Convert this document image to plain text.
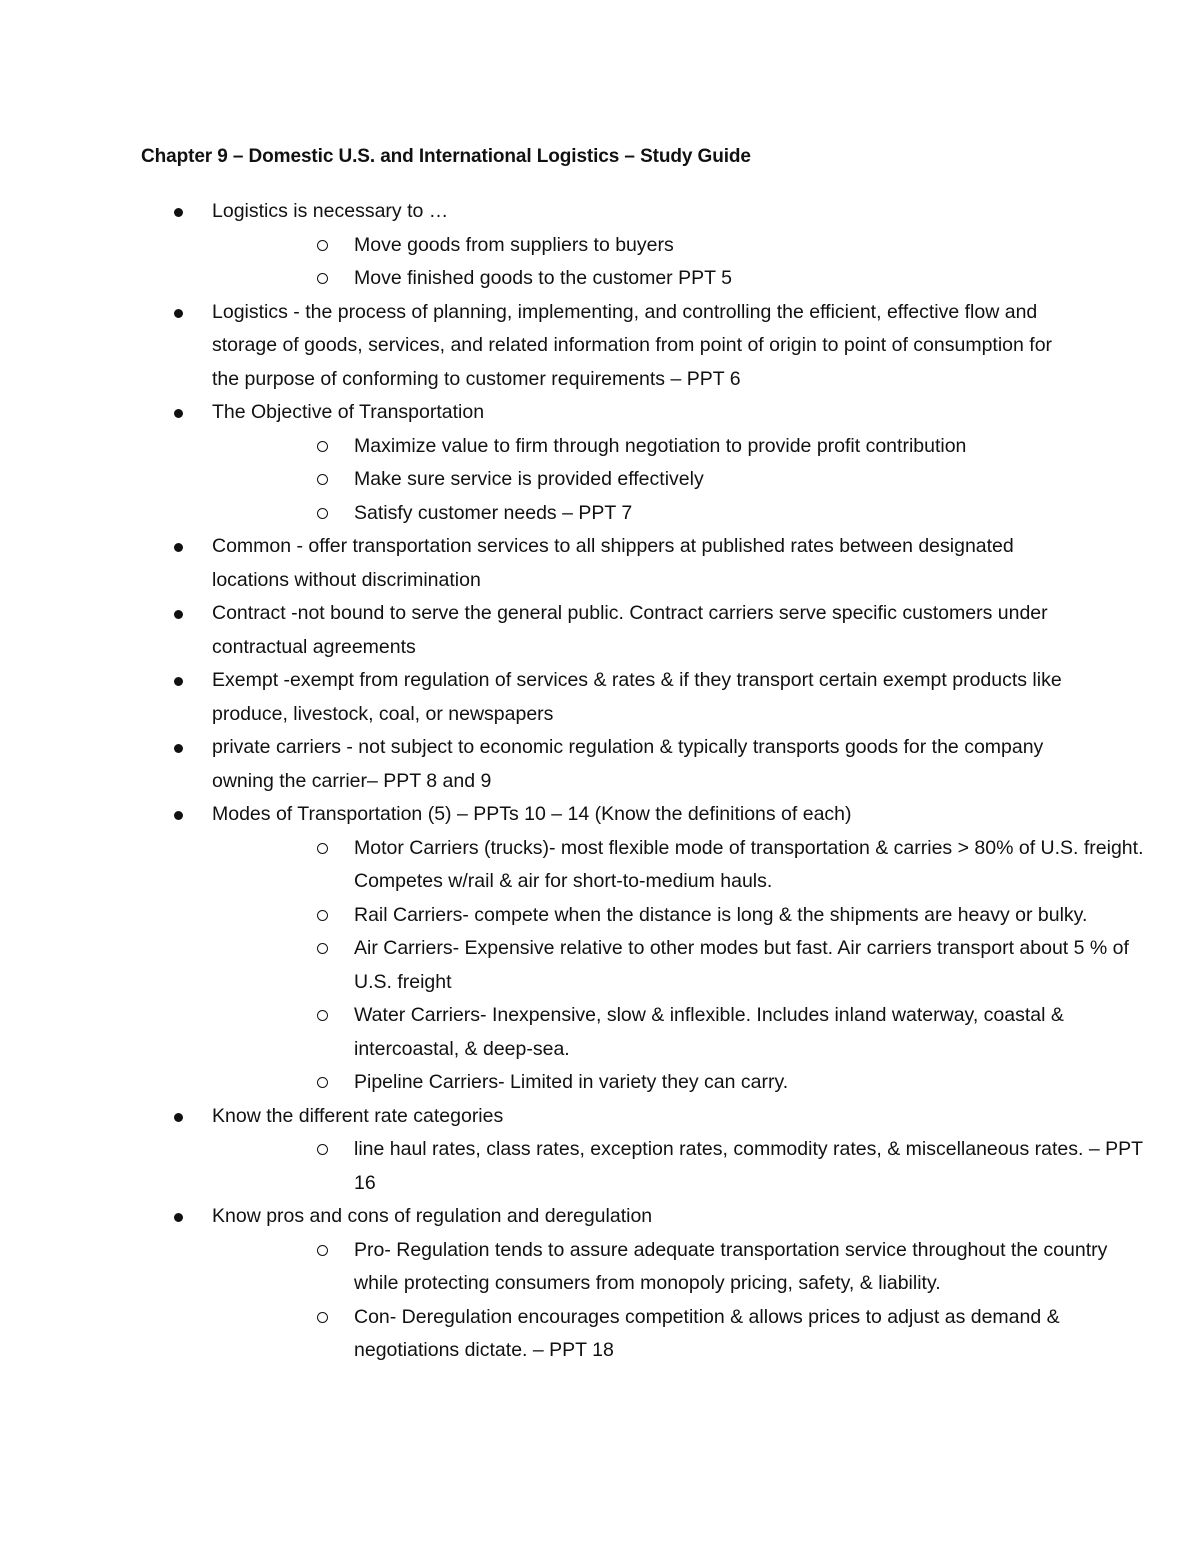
Chapter 9 – Domestic U.S. and International Logistics – Study Guide
Logistics is necessary to …
Move goods from suppliers to buyers
Move finished goods to the customer PPT 5
Logistics - the process of planning, implementing, and controlling the efficient, effective flow and storage of goods, services, and related information from point of origin to point of consumption for the purpose of conforming to customer requirements – PPT 6
The Objective of Transportation
Maximize value to firm through negotiation to provide profit contribution
Make sure service is provided effectively
Satisfy customer needs – PPT 7
Common - offer transportation services to all shippers at published rates between designated locations without discrimination
Contract -not bound to serve the general public. Contract carriers serve specific customers under contractual agreements
Exempt -exempt from regulation of services & rates & if they transport certain exempt products like produce, livestock, coal, or newspapers
private carriers - not subject to economic regulation & typically transports goods for the company owning the carrier– PPT 8 and 9
Modes of Transportation (5) – PPTs 10 – 14 (Know the definitions of each)
Motor Carriers (trucks)- most flexible mode of transportation & carries > 80% of U.S. freight. Competes w/rail & air for short-to-medium hauls.
Rail Carriers- compete when the distance is long & the shipments are heavy or bulky.
Air Carriers- Expensive relative to other modes but fast. Air carriers transport about 5 % of U.S. freight
Water Carriers- Inexpensive, slow & inflexible. Includes inland waterway, coastal & intercoastal, & deep-sea.
Pipeline Carriers- Limited in variety they can carry.
Know the different rate categories
line haul rates, class rates, exception rates, commodity rates, & miscellaneous rates. – PPT 16
Know pros and cons of regulation and deregulation
Pro- Regulation tends to assure adequate transportation service throughout the country while protecting consumers from monopoly pricing, safety, & liability.
Con- Deregulation encourages competition & allows prices to adjust as demand & negotiations dictate. – PPT 18
